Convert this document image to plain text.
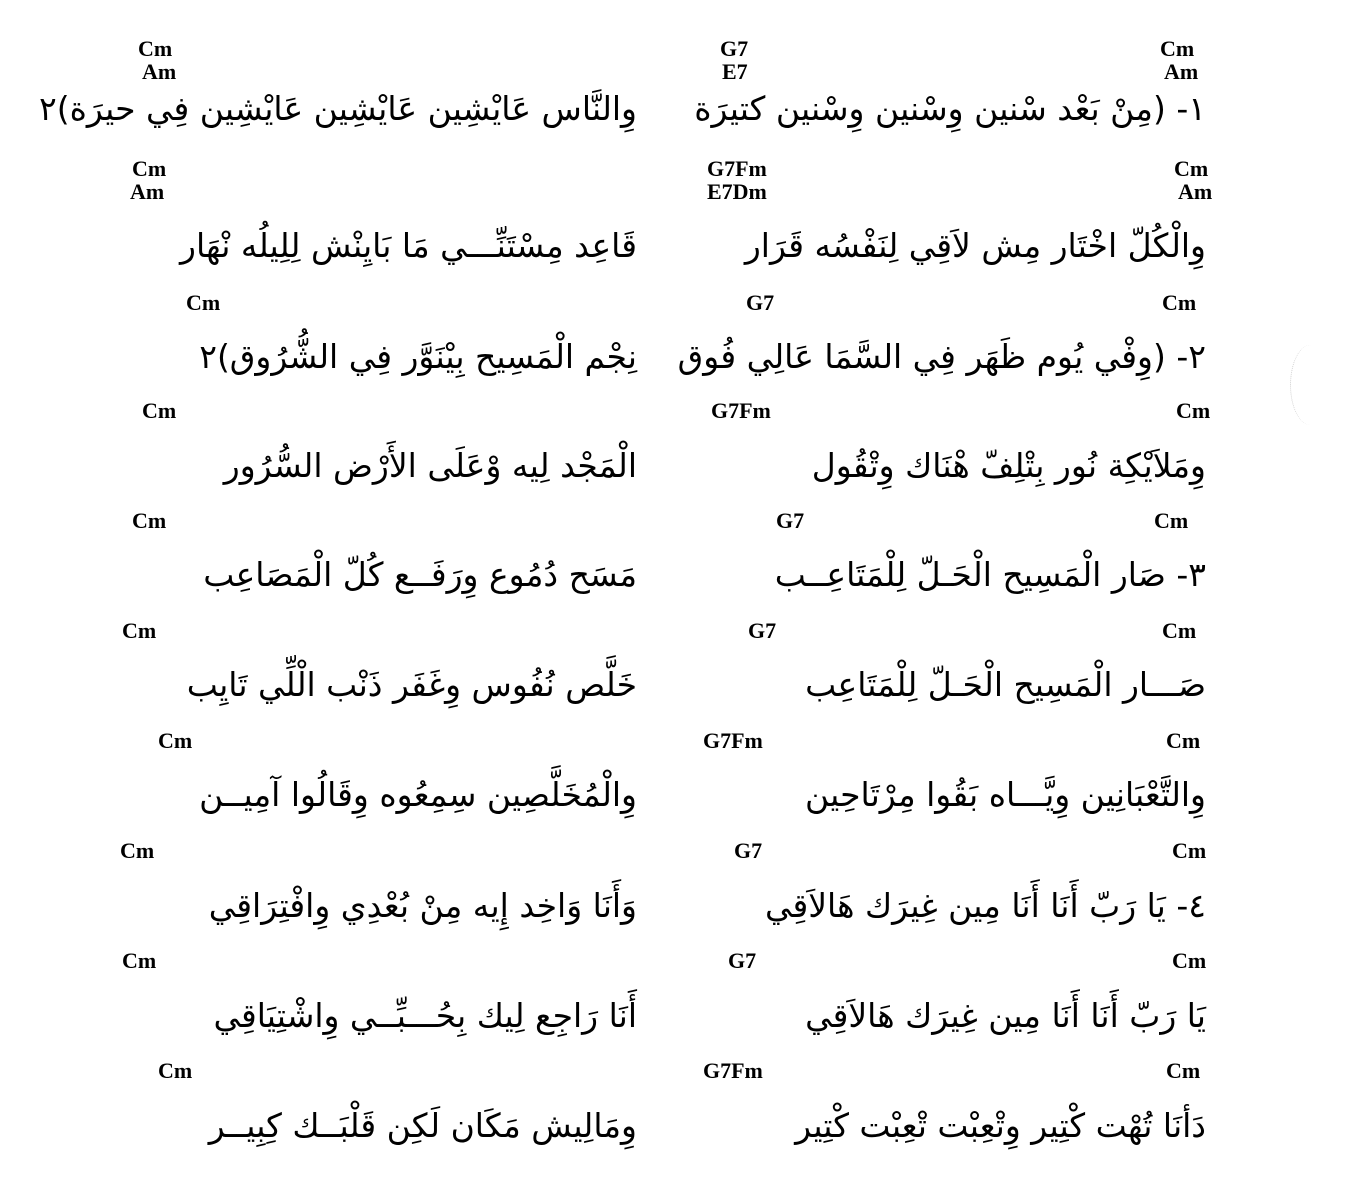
Cm
Am
G7
E7
Cm
Am
١- (مِنْ بَعْد سْنين وِسْنين وِسْنين كتيرَة
وِالنَّاس عَايْشِين عَايْشِين عَايْشِين فِي حيرَة)٢
Cm
Am
G7Fm
E7Dm
Cm
Am
وِالْكُلّ اخْتَار مِش لاَقِي لِنَفْسُه قَرَار
قَاعِد مِسْتَنِّـــي مَا بَايِنْش لِلِيلُه نْهَار
Cm
G7
Cm
٢- (وِفْي يُوم ظَهَر فِي السَّمَا عَالِي فُوق
نِجْم الْمَسِيح بِيْنَوَّر فِي الشُّرُوق)٢
Cm
G7Fm
Cm
وِمَلاَيْكِة نُور بِتْلِفّ هْنَاك وِتْقُول
الْمَجْد لِيه وْعَلَى الأَرْض السُّرُور
Cm
G7
Cm
٣- صَار الْمَسِيح الْحَـلّ لِلْمَتَاعِــب
مَسَح دُمُوع وِرَفَــع كُلّ الْمَصَاعِب
Cm
G7
Cm
صَـــار الْمَسِيح الْحَـلّ لِلْمَتَاعِب
خَلَّص نُفُوس وِغَفَر ذَنْب الْلِّي تَايِب
Cm
G7Fm
Cm
وِالتَّعْبَانِين وِيَّـــاه بَقُوا مِرْتَاحِين
وِالْمُخَلَّصِين سِمِعُوه وِقَالُوا آمِيــن
Cm
G7
Cm
٤- يَا رَبّ أَنَا أَنَا مِين غِيرَك هَالاَقِي
وَأَنَا وَاخِد إِيه مِنْ بُعْدِي وِافْتِرَاقِي
Cm
G7
Cm
يَا رَبّ أَنَا أَنَا مِين غِيرَك هَالاَقِي
أَنَا رَاجِع لِيك بِحُـــبِّــي وِاشْتِيَاقِي
Cm
G7Fm
Cm
دَأنَا تُهْت كْتِير وِتْعِبْت تْعِبْت كْتِير
وِمَالِيش مَكَان لَكِن قَلْبَــك كِبِيــر
